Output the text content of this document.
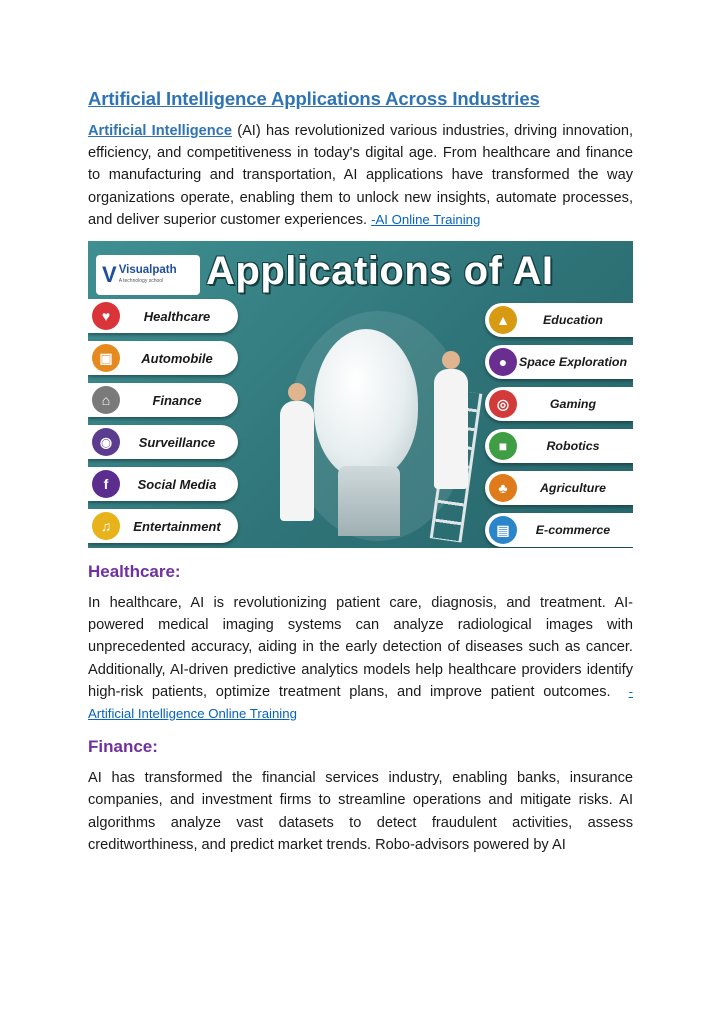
Artificial Intelligence Applications Across Industries

Artificial Intelligence (AI) has revolutionized various industries, driving innovation, efficiency, and competitiveness in today's digital age. From healthcare and finance to manufacturing and transportation, AI applications have transformed the way organizations operate, enabling them to unlock new insights, automate processes, and deliver superior customer experiences. -AI Online Training

V Visualpath
A technology school	Applications of AI
♥	Healthcare
▣	Automobile
⌂	Finance
◉	Surveillance
f	Social Media
♫	Entertainment
▲	Education
● Space Exploration
◎	Gaming
■	Robotics
♣	Agriculture
▤	E-commerce
Healthcare:

In healthcare, AI is revolutionizing patient care, diagnosis, and treatment. AI-powered medical imaging systems can analyze radiological images with unprecedented accuracy, aiding in the early detection of diseases such as cancer. Additionally, AI-driven predictive analytics models help healthcare providers identify high-risk patients, optimize treatment plans, and improve patient outcomes. -Artificial Intelligence Online Training

Finance:

AI has transformed the financial services industry, enabling banks, insurance companies, and investment firms to streamline operations and mitigate risks. AI algorithms analyze vast datasets to detect fraudulent activities, assess creditworthiness, and predict market trends. Robo-advisors powered by AI
